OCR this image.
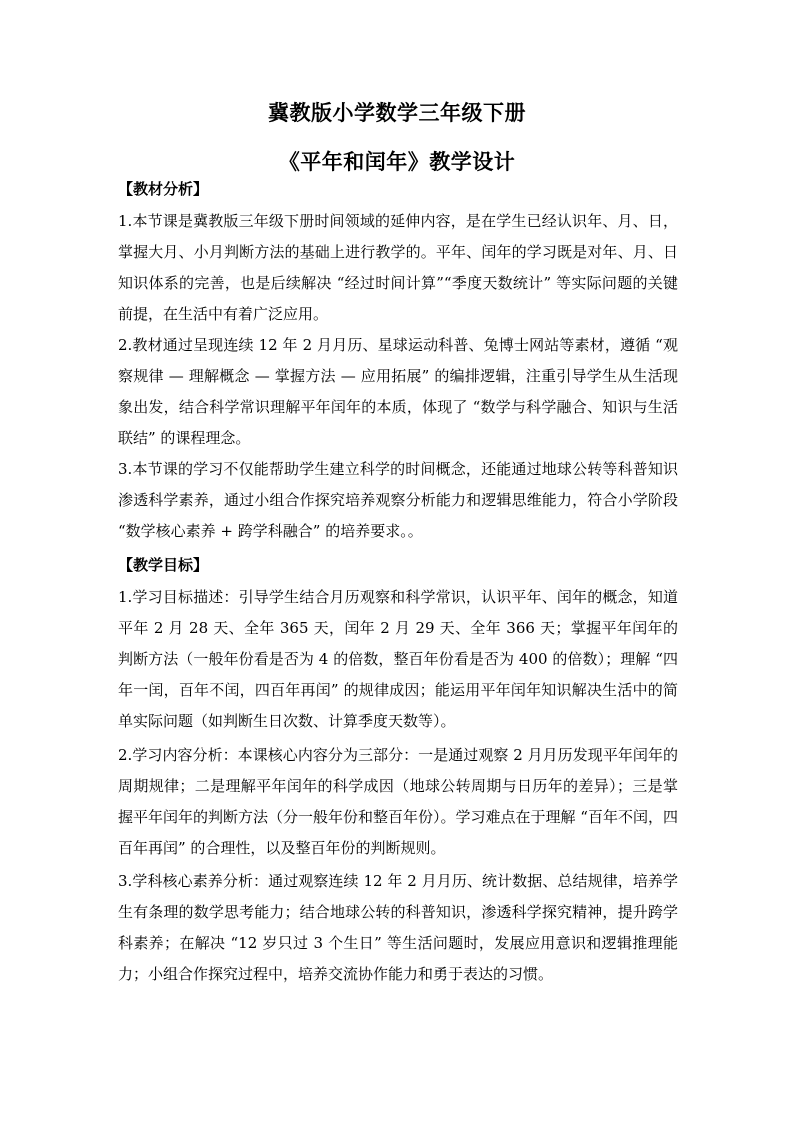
冀教版小学数学三年级下册
《平年和闰年》教学设计
【教材分析】

1.本节课是冀教版三年级下册时间领域的延伸内容，是在学生已经认识年、月、日，掌握大月、小月判断方法的基础上进行教学的。平年、闰年的学习既是对年、月、日知识体系的完善，也是后续解决 “经过时间计算”“季度天数统计” 等实际问题的关键前提，在生活中有着广泛应用。

2.教材通过呈现连续 12 年 2 月月历、星球运动科普、兔博士网站等素材，遵循 “观察规律 — 理解概念 — 掌握方法 — 应用拓展” 的编排逻辑，注重引导学生从生活现象出发，结合科学常识理解平年闰年的本质，体现了 “数学与科学融合、知识与生活联结” 的课程理念。

3.本节课的学习不仅能帮助学生建立科学的时间概念，还能通过地球公转等科普知识渗透科学素养，通过小组合作探究培养观察分析能力和逻辑思维能力，符合小学阶段 “数学核心素养 + 跨学科融合” 的培养要求。。

【教学目标】

1.学习目标描述：引导学生结合月历观察和科学常识，认识平年、闰年的概念，知道平年 2 月 28 天、全年 365 天，闰年 2 月 29 天、全年 366 天；掌握平年闰年的判断方法（一般年份看是否为 4 的倍数，整百年份看是否为 400 的倍数）；理解 “四年一闰，百年不闰，四百年再闰” 的规律成因；能运用平年闰年知识解决生活中的简单实际问题（如判断生日次数、计算季度天数等）。

2.学习内容分析：本课核心内容分为三部分：一是通过观察 2 月月历发现平年闰年的周期规律；二是理解平年闰年的科学成因（地球公转周期与日历年的差异）；三是掌握平年闰年的判断方法（分一般年份和整百年份）。学习难点在于理解 “百年不闰，四百年再闰” 的合理性，以及整百年份的判断规则。

3.学科核心素养分析：通过观察连续 12 年 2 月月历、统计数据、总结规律，培养学生有条理的数学思考能力；结合地球公转的科普知识，渗透科学探究精神，提升跨学科素养；在解决 “12 岁只过 3 个生日” 等生活问题时，发展应用意识和逻辑推理能力；小组合作探究过程中，培养交流协作能力和勇于表达的习惯。
